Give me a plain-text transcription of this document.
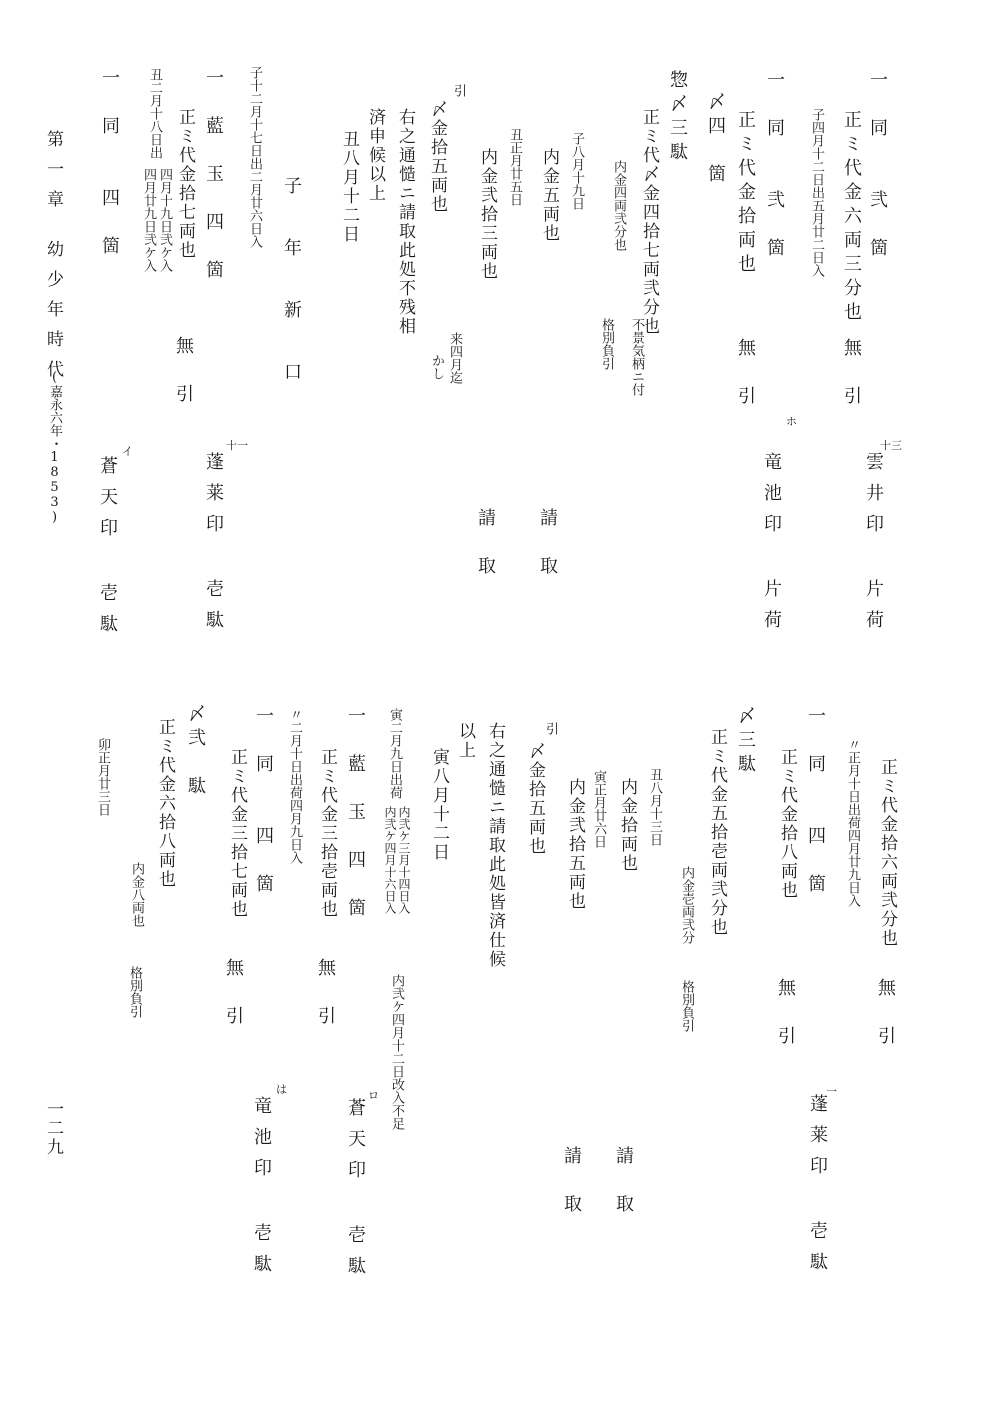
一　同　　弐　箇
正ミ代金六両三分也
無　引
子四月十二日出五月廿二日入
一　同　　弐　箇
正ミ代金拾両也
無　引
〆四　箇
惣〆三駄
正ミ代〆金四拾七両弐分也
内金四両弐分也
不景気柄ニ付
格別負引
子八月十九日
内金五両也
請　取
丑正月廿五日
内金弐拾三両也
請　取
引
〆金拾五両也
来四月迄
かし
右之通慥ニ請取此処不残相
済申候以上
丑八月十二日
子　年　新　口
子十二月十七日出二月廿六日入
一　藍　玉　四　箇
正ミ代金拾七両也
無　引
丑二月十八日出
四月十九日弐ケ入
四月廿九日弐ケ入
一　同　　四　箇
十三
雲井印 片荷
ホ
竜池印 片荷
十一
蓬莱印 壱駄
イ
蒼天印 壱駄
〃正月十日出荷四月廿九日入 正ミ代金拾六両弐分也
無　引
一　同　　四　箇
正ミ代金拾八両也
無　引
〆三駄
正ミ代金五拾壱両弐分也
内金壱両弐分
格別負引
丑八月十三日
内金拾両也
請　取
寅正月廿六日
内金弐拾五両也
請　取
引
〆金拾五両也
右之通慥ニ請取此処皆済仕候
以上
寅八月十二日
寅二月九日出荷
内弐ケ三月十四日入
内弐ケ四月十六日入
内弐ケ四月十二日改入不足
一　藍　玉　四　箇
正ミ代金三拾壱両也
無　引
〃二月十日出荷四月九日入
一　同　　四　箇
正ミ代金三拾七両也
無　引
〆弐　駄
正ミ代金六拾八両也
内金八両也
格別負引
卯正月廿三日
一
蓬莱印 壱駄
ロ
蒼天印 壱駄
は
竜池印 壱駄
第一章
幼少年時代
(嘉永六年・1853)
一二九
